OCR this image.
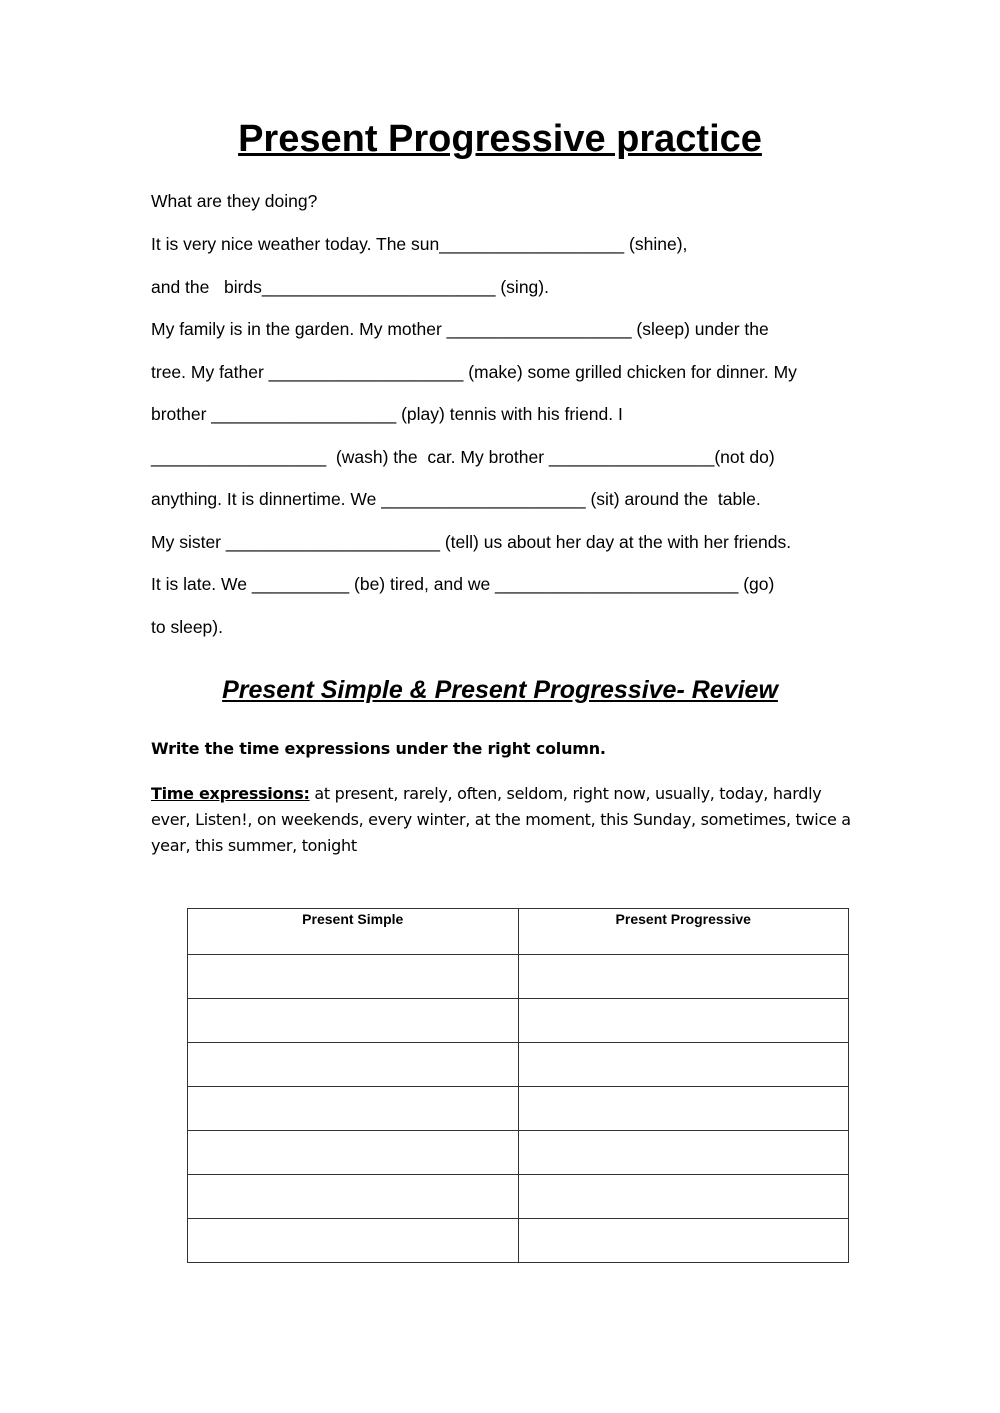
Present Progressive practice

What are they doing?

It is very nice weather today. The sun___________________ (shine),

and the   birds________________________ (sing).

My family is in the garden. My mother ___________________ (sleep) under the

tree. My father ____________________ (make) some grilled chicken for dinner. My

brother ___________________ (play) tennis with his friend. I

__________________  (wash) the  car. My brother _________________(not do)

anything. It is dinnertime. We _____________________ (sit) around the  table.

My sister ______________________ (tell) us about her day at the with her friends.

It is late. We __________ (be) tired, and we _________________________ (go)

to sleep).

Present Simple & Present Progressive- Review

Write the time expressions under the right column.

Time expressions: at present, rarely, often, seldom, right now, usually, today, hardly ever, Listen!, on weekends, every winter, at the moment, this Sunday, sometimes, twice a year, this summer, tonight

Present Simple	Present Progressive
